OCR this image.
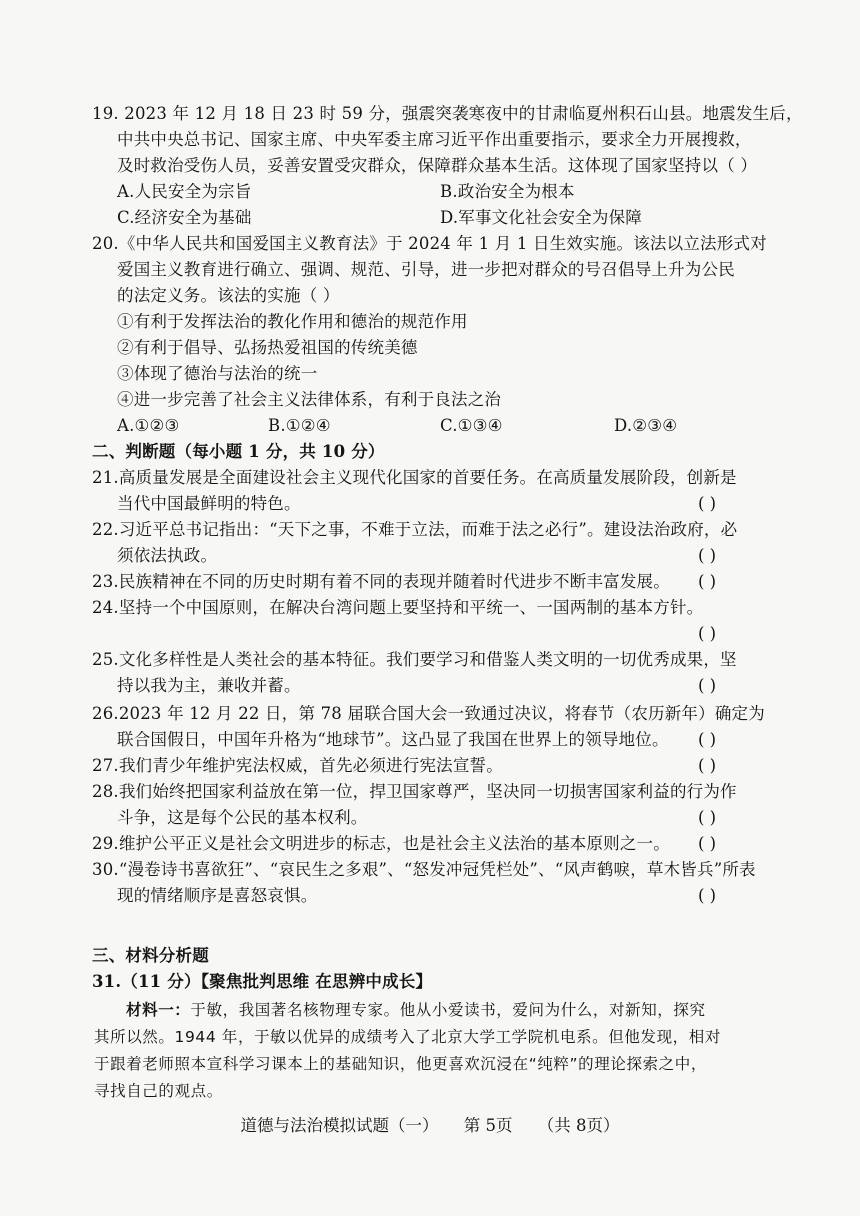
19. 2023 年 12 月 18 日 23 时 59 分，强震突袭寒夜中的甘肃临夏州积石山县。地震发生后，
中共中央总书记、国家主席、中央军委主席习近平作出重要指示，要求全力开展搜救，
及时救治受伤人员，妥善安置受灾群众，保障群众基本生活。这体现了国家坚持以（ ）
A.人民安全为宗旨	B.政治安全为根本
C.经济安全为基础	D.军事文化社会安全为保障
20.《中华人民共和国爱国主义教育法》于 2024 年 1 月 1 日生效实施。该法以立法形式对
爱国主义教育进行确立、强调、规范、引导，进一步把对群众的号召倡导上升为公民
的法定义务。该法的实施（ ）
①有利于发挥法治的教化作用和德治的规范作用
②有利于倡导、弘扬热爱祖国的传统美德
③体现了德治与法治的统一
④进一步完善了社会主义法律体系，有利于良法之治
A.①②③	B.①②④	C.①③④	D.②③④
二、判断题（每小题 1 分，共 10 分）
21.高质量发展是全面建设社会主义现代化国家的首要任务。在高质量发展阶段，创新是
当代中国最鲜明的特色。	( )
22.习近平总书记指出：“天下之事，不难于立法，而难于法之必行”。建设法治政府，必
须依法执政。	( )
23.民族精神在不同的历史时期有着不同的表现并随着时代进步不断丰富发展。 ( )
24.坚持一个中国原则，在解决台湾问题上要坚持和平统一、一国两制的基本方针。
( )
25.文化多样性是人类社会的基本特征。我们要学习和借鉴人类文明的一切优秀成果，坚
持以我为主，兼收并蓄。	( )
26.2023 年 12 月 22 日，第 78 届联合国大会一致通过决议，将春节（农历新年）确定为
联合国假日，中国年升格为“地球节”。这凸显了我国在世界上的领导地位。 ( )
27.我们青少年维护宪法权威，首先必须进行宪法宣誓。	( )
28.我们始终把国家利益放在第一位，捍卫国家尊严，坚决同一切损害国家利益的行为作
斗争，这是每个公民的基本权利。	( )
29.维护公平正义是社会文明进步的标志，也是社会主义法治的基本原则之一。 ( )
30.“漫卷诗书喜欲狂”、“哀民生之多艰”、“怒发冲冠凭栏处”、“风声鹤唳，草木皆兵”所表
现的情绪顺序是喜怒哀惧。	( )
三、材料分析题
31.（11 分）【聚焦批判思维 在思辨中成长】
材料一：于敏，我国著名核物理专家。他从小爱读书，爱问为什么，对新知，探究
其所以然。1944 年，于敏以优异的成绩考入了北京大学工学院机电系。但他发现，相对
于跟着老师照本宣科学习课本上的基础知识，他更喜欢沉浸在“纯粹”的理论探索之中，
寻找自己的观点。
道德与法治模拟试题（一） 第 5页 （共 8页）
